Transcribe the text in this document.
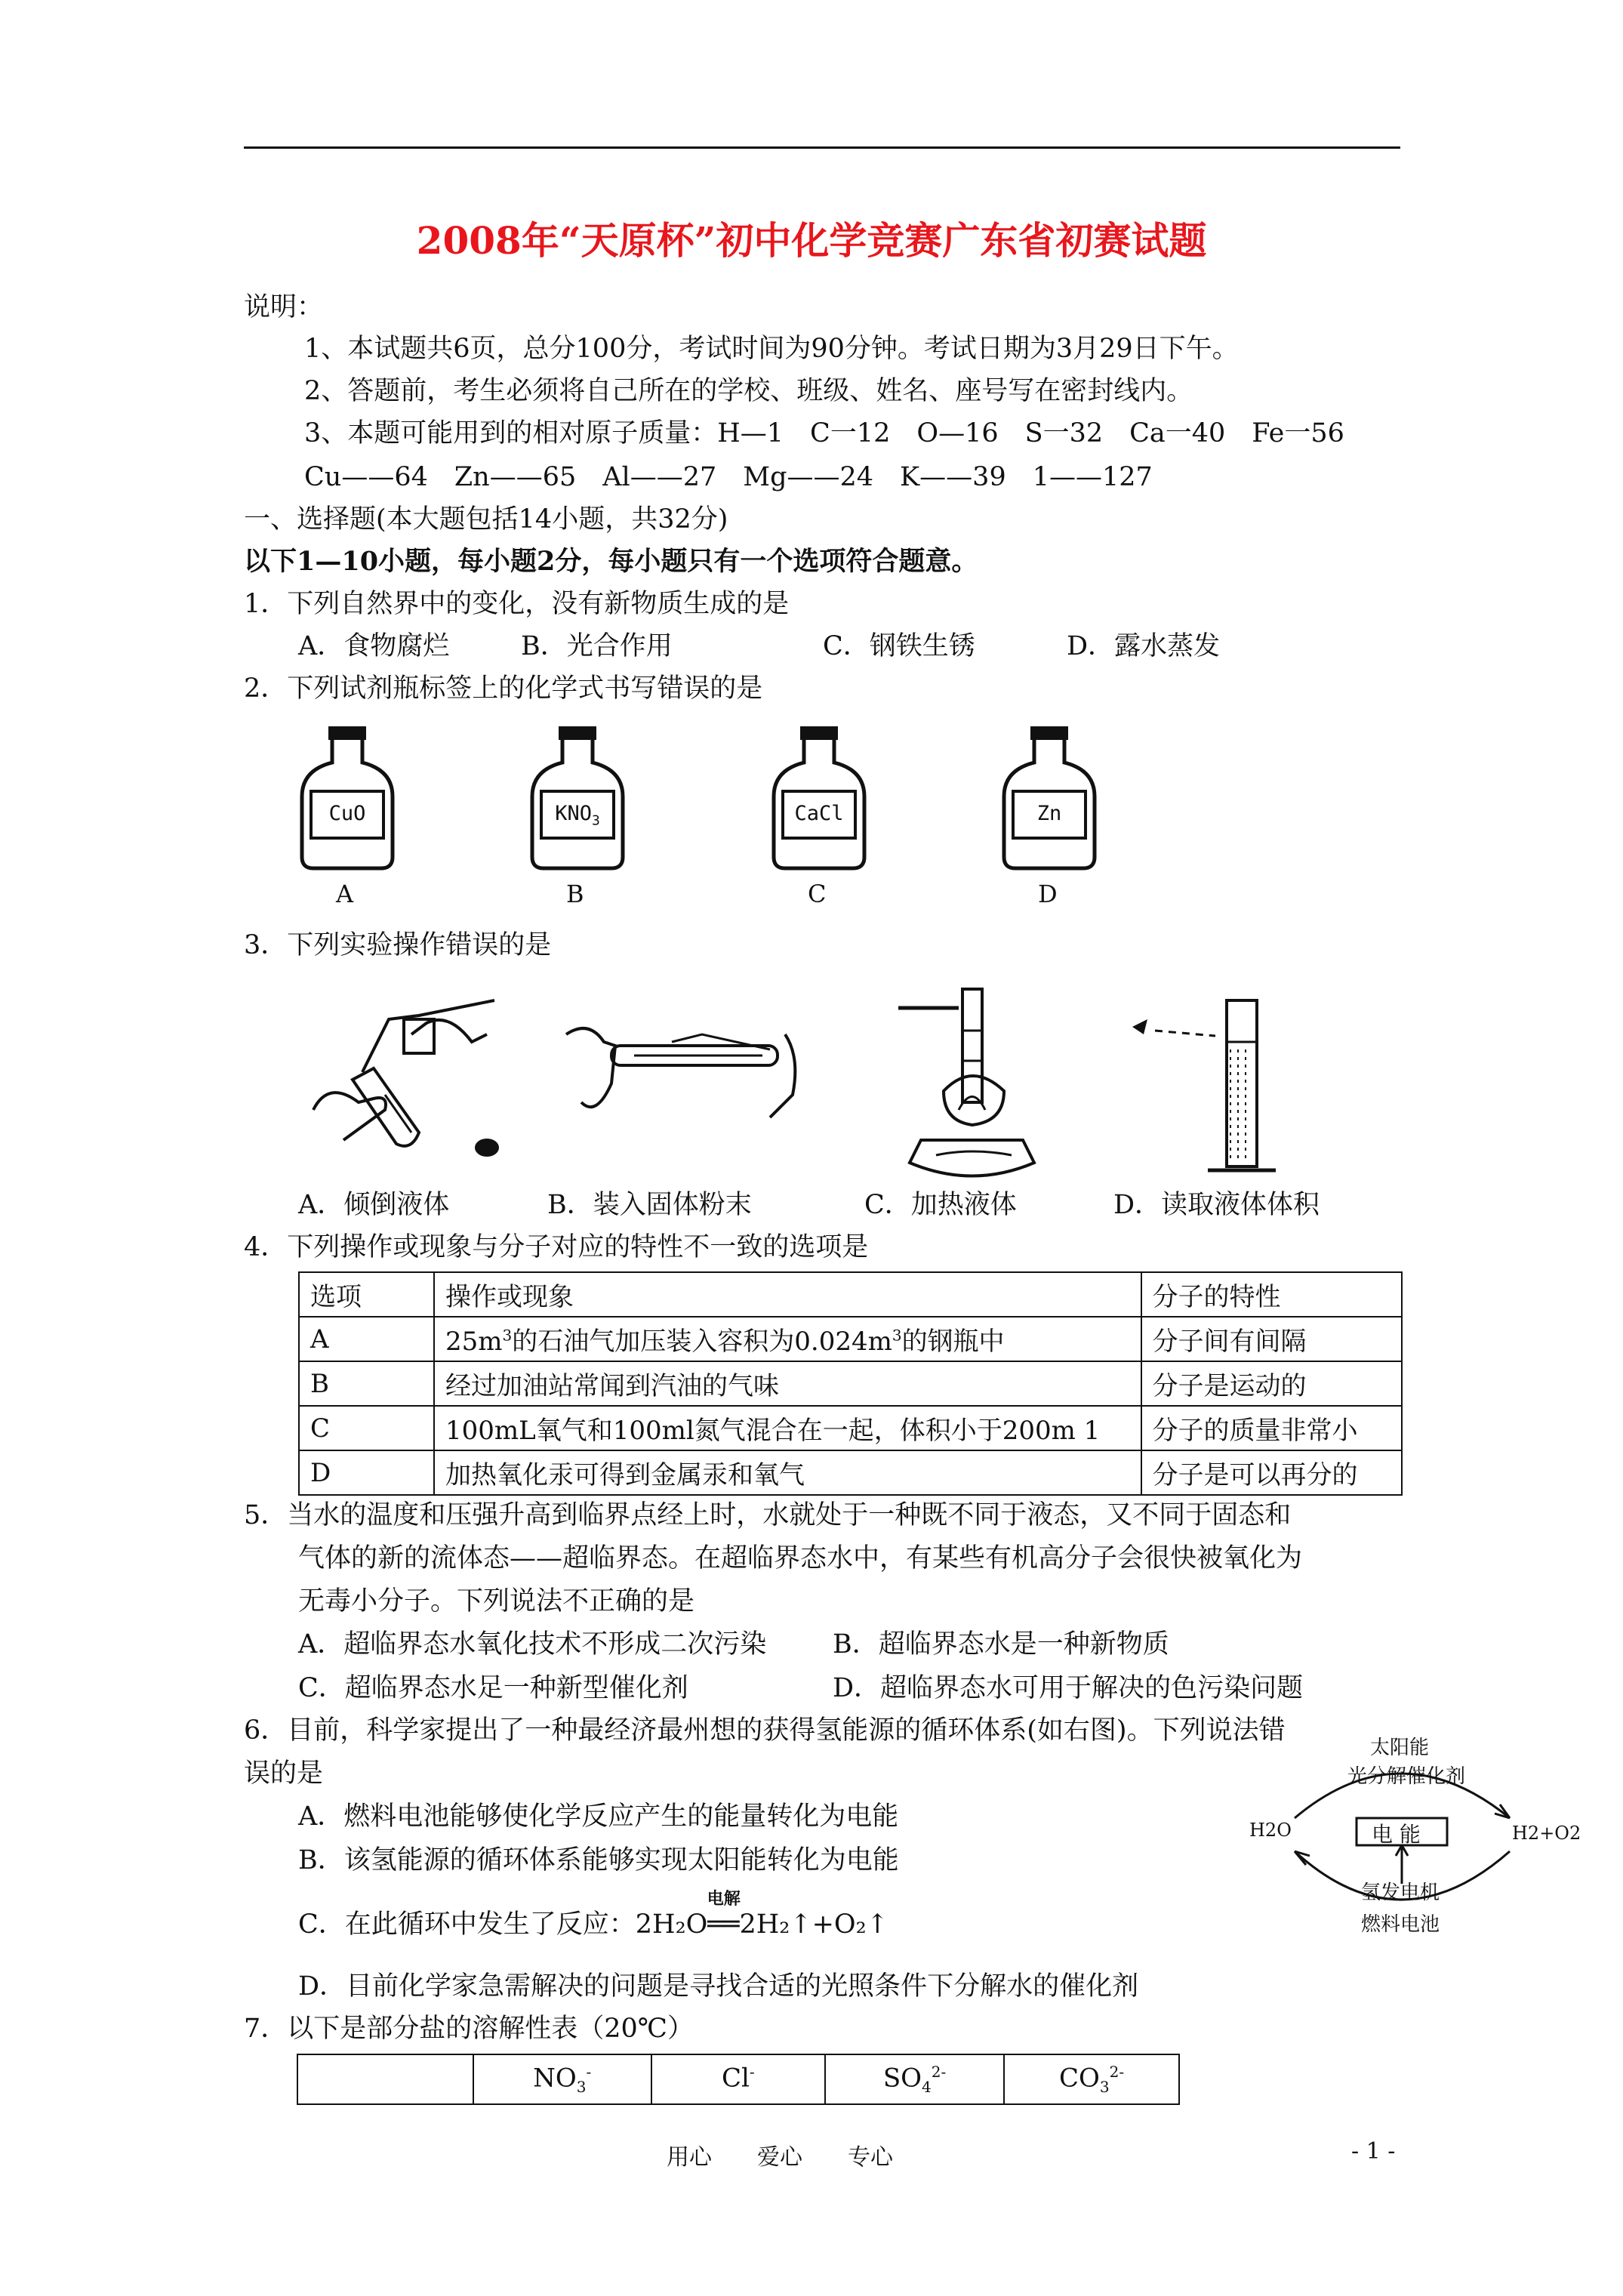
2008年“天原杯”初中化学竞赛广东省初赛试题
说明：
1、本试题共6页，总分100分，考试时间为90分钟。考试日期为3月29日下午。
2、答题前，考生必须将自己所在的学校、班级、姓名、座号写在密封线内。
3、本题可能用到的相对原子质量：H—1　C一12　O—16　S一32　Ca一40　Fe一56
Cu——64　Zn——65　Al——27　Mg——24　K——39　1——127
一、选择题(本大题包括14小题，共32分)
以下1—10小题，每小题2分，每小题只有一个选项符合题意。
1．下列自然界中的变化，没有新物质生成的是
A．食物腐烂	B．光合作用	C．钢铁生锈	D．露水蒸发
2．下列试剂瓶标签上的化学式书写错误的是
CuO
A
$KNO_3$
B
CaCl
C
Zn
D
3．下列实验操作错误的是
A．倾倒液体	B．装入固体粉末	C．加热液体	D．读取液体体积
4．下列操作或现象与分子对应的特性不一致的选项是
选项	操作或现象	分子的特性
A	$25m^3$的石油气加压装入容积为$0.024m^3$的钢瓶中	分子间有间隔
B	经过加油站常闻到汽油的气味	分子是运动的
C	100mL氧气和100ml氮气混合在一起，体积小于200m 1	分子的质量非常小
D	加热氧化汞可得到金属汞和氧气	分子是可以再分的
5．当水的温度和压强升高到临界点经上时，水就处于一种既不同于液态，又不同于固态和
气体的新的流体态——超临界态。在超临界态水中，有某些有机高分子会很快被氧化为
无毒小分子。下列说法不正确的是
A．超临界态水氧化技术不形成二次污染	B．超临界态水是一种新物质
C．超临界态水足一种新型催化剂	D．超临界态水可用于解决的色污染问题
6．目前，科学家提出了一种最经济最州想的获得氢能源的循环体系(如右图)。下列说法错
误的是
A．燃料电池能够使化学反应产生的能量转化为电能
B．该氢能源的循环体系能够实现太阳能转化为电能
C．在此循环中发生了反应：
电解
2H₂O══2H₂↑+O₂↑
D．目前化学家急需解决的问题是寻找合适的光照条件下分解水的催化剂
太阳能
光分解催化剂
H2O	电 能	H2+O2
氢发电机
燃料电池
7．以下是部分盐的溶解性表（20℃）
	$NO_3^-$	Cl-	$SO_4^{2-}$	$CO_3^{2-}$
用心　　爱心　　专心	- 1 -
